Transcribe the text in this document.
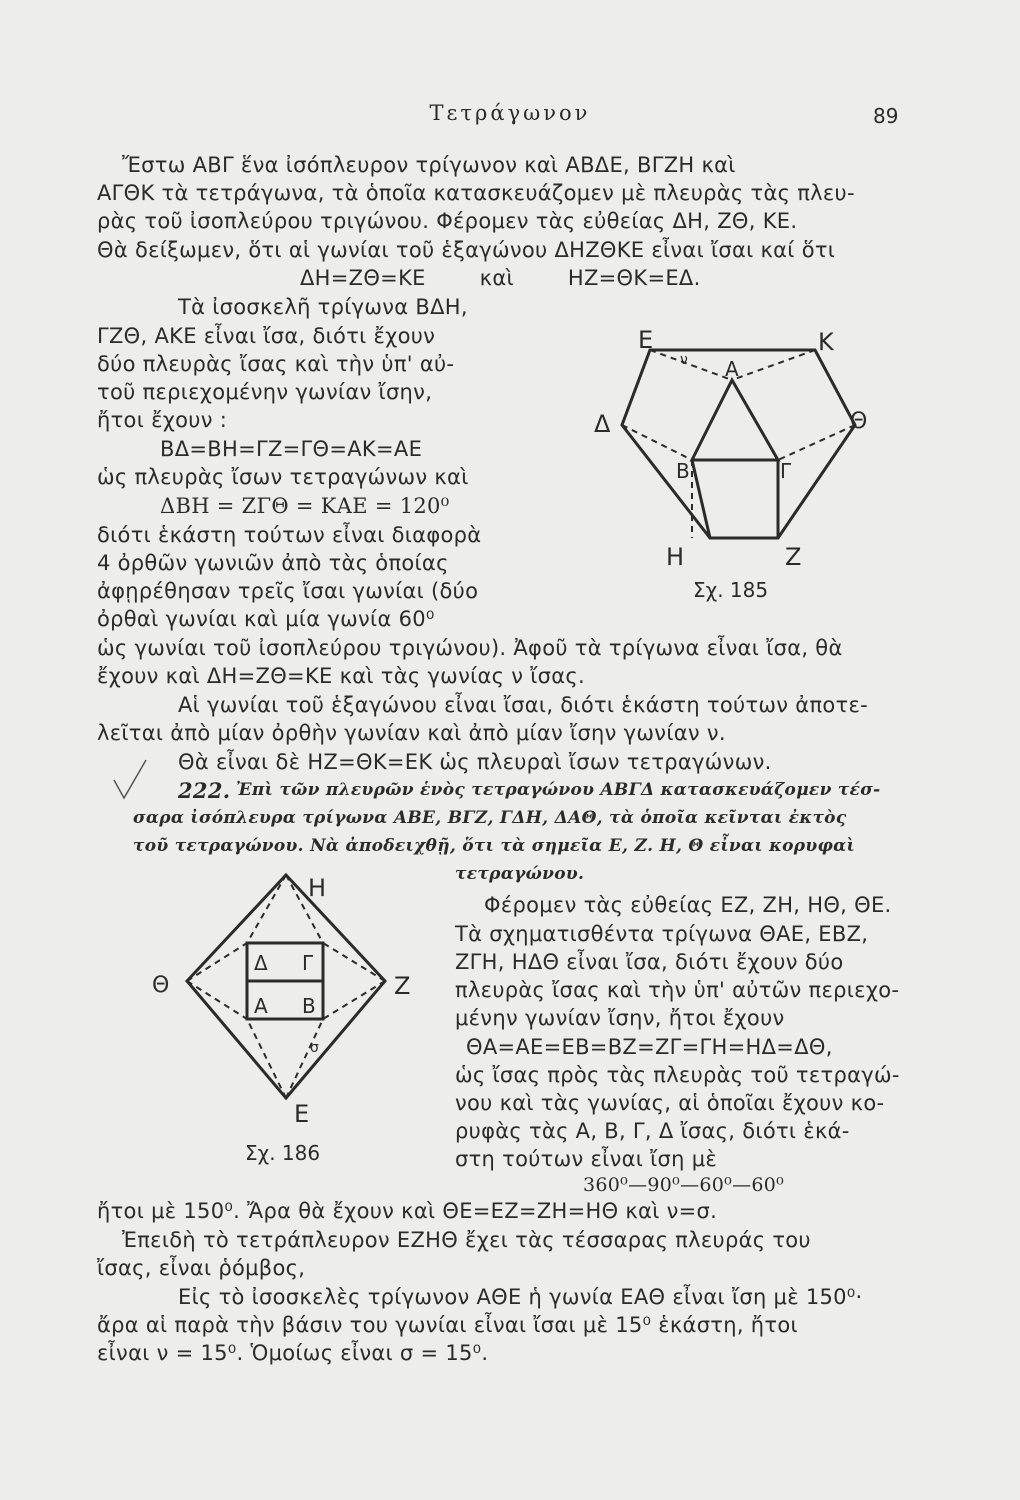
Τετράγωνον	89
Ἔστω ΑΒΓ ἕνα ἰσόπλευρον τρίγωνον καὶ ΑΒΔΕ, ΒΓΖΗ καὶ
ΑΓΘΚ τὰ τετράγωνα, τὰ ὁποῖα κατασκευάζομεν μὲ πλευρὰς τὰς πλευ-
ρὰς τοῦ ἰσοπλεύρου τριγώνου. Φέρομεν τὰς εὐθείας ΔΗ, ΖΘ, ΚΕ.
Θὰ δείξωμεν, ὅτι αἱ γωνίαι τοῦ ἑξαγώνου ΔΗΖΘΚΕ εἶναι ἴσαι καί ὅτι
ΔΗ=ΖΘ=ΚΕ	καὶ	ΗΖ=ΘΚ=ΕΔ.
Τὰ ἰσοσκελῆ τρίγωνα ΒΔΗ,
ΓΖΘ, ΑΚΕ εἶναι ἴσα, διότι ἔχουν
δύο πλευρὰς ἴσας καὶ τὴν ὑπ' αὐ-
τοῦ περιεχομένην γωνίαν ἴσην,
ἤτοι ἔχουν :
ΒΔ=ΒΗ=ΓΖ=ΓΘ=ΑΚ=ΑΕ
ὡς πλευρὰς ἴσων τετραγώνων καὶ
ΔΒΗ = ΖΓΘ = ΚΑΕ = 120⁰
διότι ἑκάστη τούτων εἶναι διαφορὰ
4 ὀρθῶν γωνιῶν ἀπὸ τὰς ὁποίας
ἀφῃρέθησαν τρεῖς ἴσαι γωνίαι (δύο
ὀρθαὶ γωνίαι καὶ μία γωνία 60⁰
ὡς γωνίαι τοῦ ἰσοπλεύρου τριγώνου). Ἀφοῦ τὰ τρίγωνα εἶναι ἴσα, θὰ
ἔχουν καὶ ΔΗ=ΖΘ=ΚΕ καὶ τὰς γωνίας ν ἴσας.
Αἱ γωνίαι τοῦ ἑξαγώνου εἶναι ἴσαι, διότι ἑκάστη τούτων ἀποτε-
λεῖται ἀπὸ μίαν ὀρθὴν γωνίαν καὶ ἀπὸ μίαν ἴσην γωνίαν ν.
Θὰ εἶναι δὲ ΗΖ=ΘΚ=ΕΚ ὡς πλευραὶ ἴσων τετραγώνων.
Ε	Κ
Α
Δ	Θ
Β	Γ
Η	Ζ
ν
Σχ. 185
222. Ἐπὶ τῶν πλευρῶν ἑνὸς τετραγώνου ΑΒΓΔ κατασκευάζομεν τέσ-
σαρα ἰσόπλευρα τρίγωνα ΑΒΕ, ΒΓΖ, ΓΔΗ, ΔΑΘ, τὰ ὁποῖα κεῖνται ἐκτὸς
τοῦ τετραγώνου. Νὰ ἀποδειχθῇ, ὅτι τὰ σημεῖα Ε, Ζ. Η, Θ εἶναι κορυφαὶ
τετραγώνου.
Η
Θ	Ζ
Ε
Δ Γ
Α Β
σ
Σχ. 186
Φέρομεν τὰς εὐθείας ΕΖ, ΖΗ, ΗΘ, ΘΕ.
Τὰ σχηματισθέντα τρίγωνα ΘΑΕ, ΕΒΖ,
ΖΓΗ, ΗΔΘ εἶναι ἴσα, διότι ἔχουν δύο
πλευρὰς ἴσας καὶ τὴν ὑπ' αὐτῶν περιεχο-
μένην γωνίαν ἴσην, ἤτοι ἔχουν
ΘΑ=ΑΕ=ΕΒ=ΒΖ=ΖΓ=ΓΗ=ΗΔ=ΔΘ,
ὡς ἴσας πρὸς τὰς πλευρὰς τοῦ τετραγώ-
νου καὶ τὰς γωνίας, αἱ ὁποῖαι ἔχουν κο-
ρυφὰς τὰς Α, Β, Γ, Δ ἴσας, διότι ἑκά-
στη τούτων εἶναι ἴση μὲ
360⁰—90⁰—60⁰—60⁰
ἤτοι μὲ 150⁰. Ἄρα θὰ ἔχουν καὶ ΘΕ=ΕΖ=ΖΗ=ΗΘ καὶ ν=σ.
Ἐπειδὴ τὸ τετράπλευρον ΕΖΗΘ ἔχει τὰς τέσσαρας πλευράς του
ἴσας, εἶναι ῥόμβος,
Εἰς τὸ ἰσοσκελὲς τρίγωνον ΑΘΕ ἡ γωνία ΕΑΘ εἶναι ἴση μὲ 150⁰·
ἄρα αἱ παρὰ τὴν βάσιν του γωνίαι εἶναι ἴσαι μὲ 15⁰ ἑκάστη, ἤτοι
εἶναι ν = 15⁰. Ὁμοίως εἶναι σ = 15⁰.
